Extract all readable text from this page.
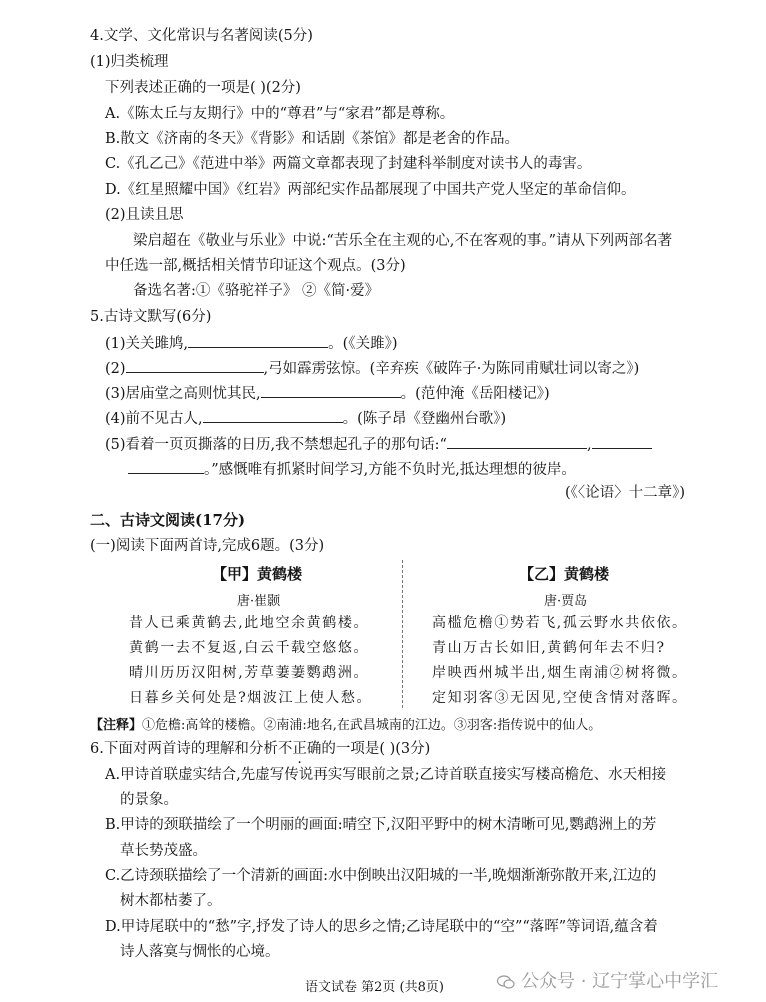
4.文学、文化常识与名著阅读(5分)
(1)归类梳理
下列表述正确的一项是( )(2分)
A.《陈太丘与友期行》中的“尊君”与“家君”都是尊称。
B.散文《济南的冬天》《背影》和话剧《茶馆》都是老舍的作品。
C.《孔乙己》《范进中举》两篇文章都表现了封建科举制度对读书人的毒害。
D.《红星照耀中国》《红岩》两部纪实作品都展现了中国共产党人坚定的革命信仰。
(2)且读且思
梁启超在《敬业与乐业》中说:“苦乐全在主观的心,不在客观的事。”请从下列两部名著
中任选一部,概括相关情节印证这个观点。(3分)
备选名著:①《骆驼祥子》 ②《简·爱》
5.古诗文默写(6分)
(1)关关雎鸠,	。(《关雎》)
(2)	,弓如霹雳弦惊。(辛弃疾《破阵子·为陈同甫赋壮词以寄之》)
(3)居庙堂之高则忧其民,	。(范仲淹《岳阳楼记》)
(4)前不见古人,	。(陈子昂《登幽州台歌》)
(5)看着一页页撕落的日历,我不禁想起孔子的那句话:“	,
。”感慨唯有抓紧时间学习,方能不负时光,抵达理想的彼岸。
(《〈论语〉十二章》)
二、古诗文阅读(17分)
(一)阅读下面两首诗,完成6题。(3分)
【甲】黄鹤楼
唐·崔颢
昔人已乘黄鹤去,此地空余黄鹤楼。
黄鹤一去不复返,白云千载空悠悠。
晴川历历汉阳树,芳草萋萋鹦鹉洲。
日暮乡关何处是?烟波江上使人愁。
【乙】黄鹤楼
唐·贾岛
高槛危檐①势若飞,孤云野水共依依。
青山万古长如旧,黄鹤何年去不归?
岸映西州城半出,烟生南浦②树将微。
定知羽客③无因见,空使含情对落晖。
【注释】①危檐:高耸的楼檐。②南浦:地名,在武昌城南的江边。③羽客:指传说中的仙人。
6.下面对两首诗的理解和分析不正确的一项是( )(3分)
A.甲诗首联虚实结合,先虚写传说再实写眼前之景;乙诗首联直接实写楼高檐危、水天相接
的景象。
B.甲诗的颈联描绘了一个明丽的画面:晴空下,汉阳平野中的树木清晰可见,鹦鹉洲上的芳
草长势茂盛。
C.乙诗颈联描绘了一个清新的画面:水中倒映出汉阳城的一半,晚烟渐渐弥散开来,江边的
树木都枯萎了。
D.甲诗尾联中的“愁”字,抒发了诗人的思乡之情;乙诗尾联中的“空”“落晖”等词语,蕴含着
诗人落寞与惆怅的心境。
语文试卷 第2页 (共8页)	公众号 · 辽宁掌心中学汇
